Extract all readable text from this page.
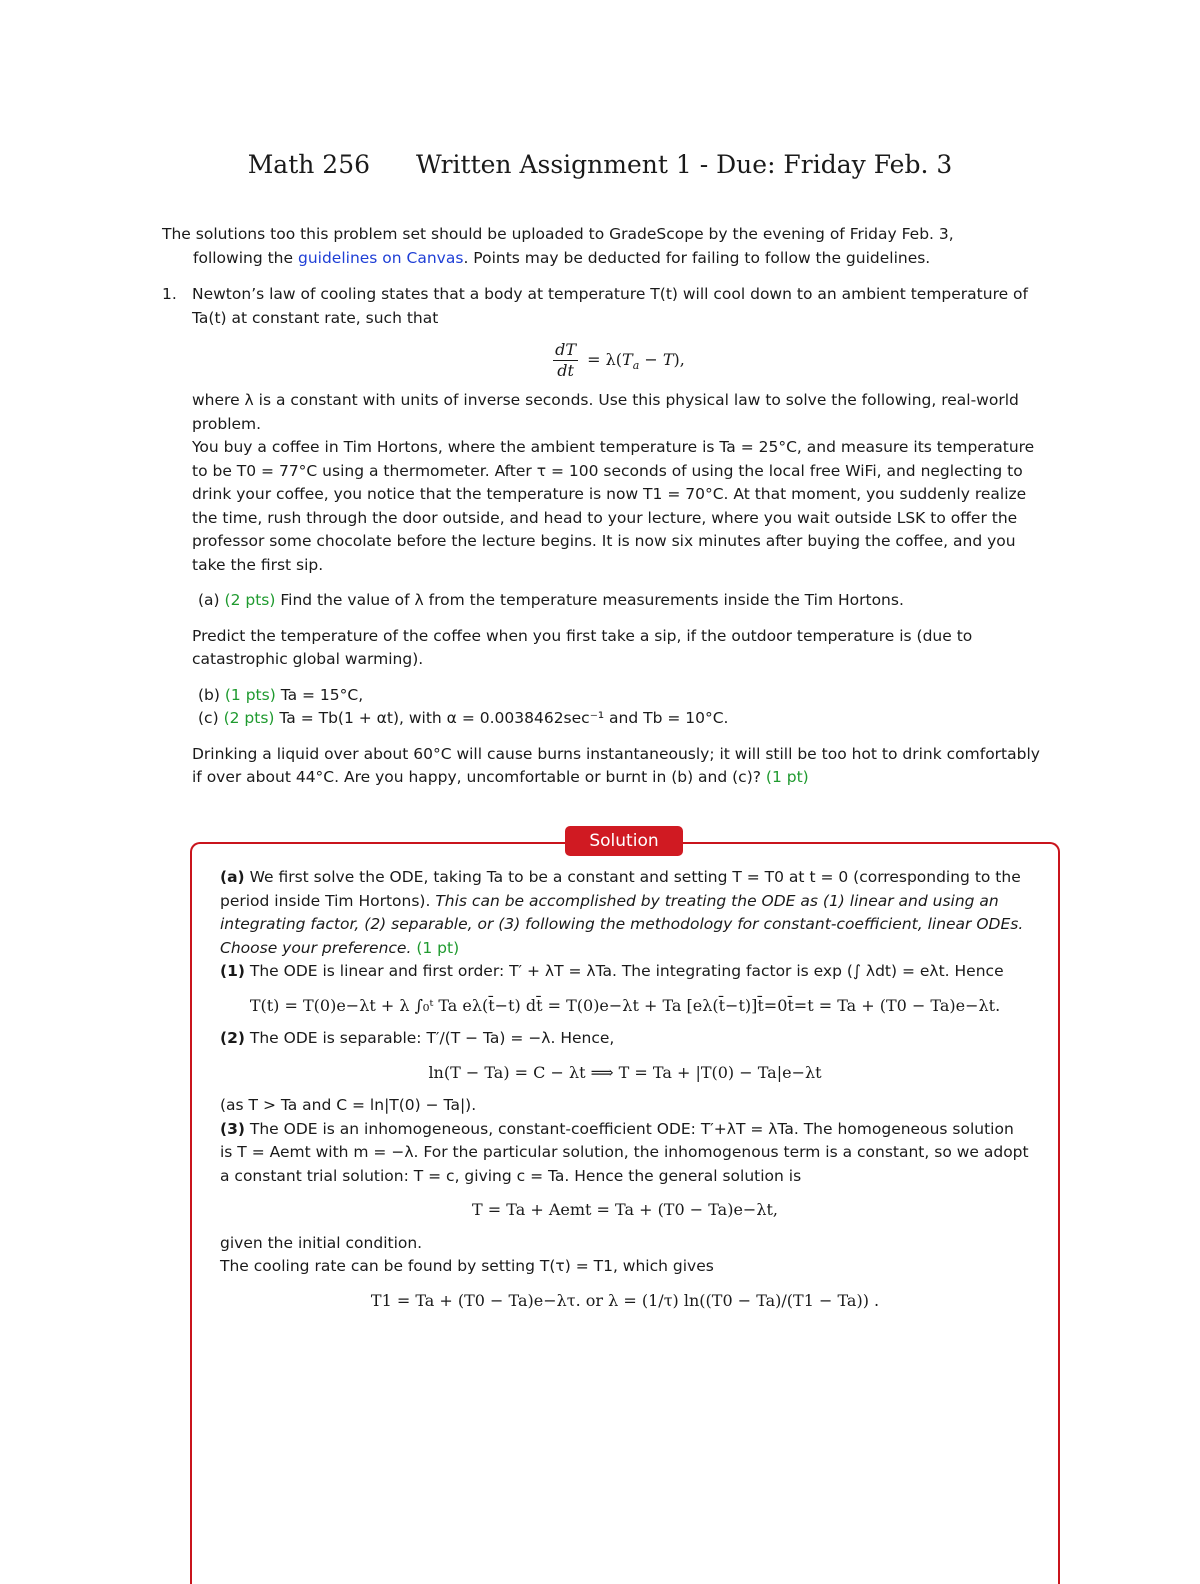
Math 256 Written Assignment 1 - Due: Friday Feb. 3
The solutions too this problem set should be uploaded to GradeScope by the evening of Friday Feb. 3,
following the guidelines on Canvas. Points may be deducted for failing to follow the guidelines.
1. Newton’s law of cooling states that a body at temperature T(t) will cool down to an ambient temperature of Ta(t) at constant rate, such that
$\frac{dT}{dt} = \lambda(T_a - T)$,
where λ is a constant with units of inverse seconds. Use this physical law to solve the following, real-world problem.
You buy a coffee in Tim Hortons, where the ambient temperature is Ta = 25°C, and measure its temperature to be T0 = 77°C using a thermometer. After τ = 100 seconds of using the local free WiFi, and neglecting to drink your coffee, you notice that the temperature is now T1 = 70°C. At that moment, you suddenly realize the time, rush through the door outside, and head to your lecture, where you wait outside LSK to offer the professor some chocolate before the lecture begins. It is now six minutes after buying the coffee, and you take the first sip.
(a) (2 pts) Find the value of λ from the temperature measurements inside the Tim Hortons.
Predict the temperature of the coffee when you first take a sip, if the outdoor temperature is (due to catastrophic global warming).
(b) (1 pts) Ta = 15°C,
(c) (2 pts) Ta = Tb(1 + αt), with α = 0.0038462sec⁻¹ and Tb = 10°C.
Drinking a liquid over about 60°C will cause burns instantaneously; it will still be too hot to drink comfortably if over about 44°C. Are you happy, uncomfortable or burnt in (b) and (c)? (1 pt)
Solution
(a) We first solve the ODE, taking Ta to be a constant and setting T = T0 at t = 0 (corresponding to the period inside Tim Hortons). This can be accomplished by treating the ODE as (1) linear and using an integrating factor, (2) separable, or (3) following the methodology for constant-coefficient, linear ODEs. Choose your preference. (1 pt)
(1) The ODE is linear and first order: T′ + λT = λTa. The integrating factor is exp (∫ λdt) = eλt. Hence
T(t) = T(0)e−λt + λ ∫₀ᵗ Ta eλ(t̄−t) dt̄ = T(0)e−λt + Ta [eλ(t̄−t)]t̄=0t̄=t = Ta + (T0 − Ta)e−λt.
(2) The ODE is separable: T′/(T − Ta) = −λ. Hence,
ln(T − Ta) = C − λt ⟹ T = Ta + |T(0) − Ta|e−λt
(as T > Ta and C = ln|T(0) − Ta|).
(3) The ODE is an inhomogeneous, constant-coefficient ODE: T′+λT = λTa. The homogeneous solution is T = Aemt with m = −λ. For the particular solution, the inhomogenous term is a constant, so we adopt a constant trial solution: T = c, giving c = Ta. Hence the general solution is
T = Ta + Aemt = Ta + (T0 − Ta)e−λt,
given the initial condition.
The cooling rate can be found by setting T(τ) = T1, which gives
T1 = Ta + (T0 − Ta)e−λτ. or λ = (1/τ) ln((T0 − Ta)/(T1 − Ta)) .
